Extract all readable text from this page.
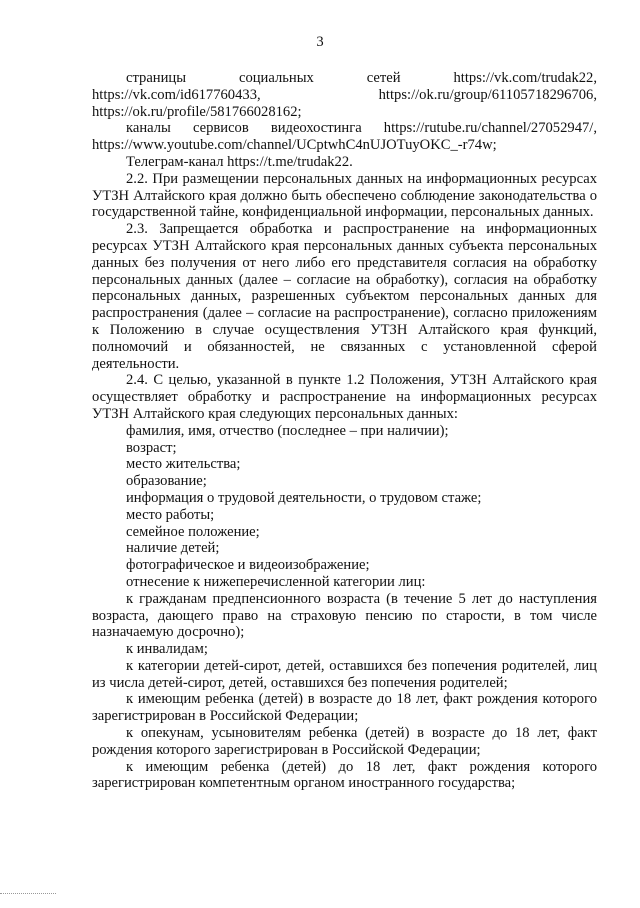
3

страницы социальных сетей https://vk.com/trudak22, https://vk.com/id617760433, https://ok.ru/group/61105718296706, https://ok.ru/profile/581766028162;

каналы сервисов видеохостинга https://rutube.ru/channel/27052947/, https://www.youtube.com/channel/UCptwhC4nUJOTuyOKC_-r74w;

Телеграм-канал https://t.me/trudak22.

2.2. При размещении персональных данных на информационных ресурсах УТЗН Алтайского края должно быть обеспечено соблюдение законодательства о государственной тайне, конфиденциальной информации, персональных данных.

2.3. Запрещается обработка и распространение на информационных ресурсах УТЗН Алтайского края персональных данных субъекта персональных данных без получения от него либо его представителя согласия на обработку персональных данных (далее – согласие на обработку), согласия на обработку персональных данных, разрешенных субъектом персональных данных для распространения (далее – согласие на распространение), согласно приложениям к Положению в случае осуществления УТЗН Алтайского края функций, полномочий и обязанностей, не связанных с установленной сферой деятельности.

2.4. С целью, указанной в пункте 1.2 Положения, УТЗН Алтайского края осуществляет обработку и распространение на информационных ресурсах УТЗН Алтайского края следующих персональных данных:

фамилия, имя, отчество (последнее – при наличии);

возраст;

место жительства;

образование;

информация о трудовой деятельности, о трудовом стаже;

место работы;

семейное положение;

наличие детей;

фотографическое и видеоизображение;

отнесение к нижеперечисленной категории лиц:

к гражданам предпенсионного возраста (в течение 5 лет до наступления возраста, дающего право на страховую пенсию по старости, в том числе назначаемую досрочно);

к инвалидам;

к категории детей-сирот, детей, оставшихся без попечения родителей, лиц из числа детей-сирот, детей, оставшихся без попечения родителей;

к имеющим ребенка (детей) в возрасте до 18 лет, факт рождения которого зарегистрирован в Российской Федерации;

к опекунам, усыновителям ребенка (детей) в возрасте до 18 лет, факт рождения которого зарегистрирован в Российской Федерации;

к имеющим ребенка (детей) до 18 лет, факт рождения которого зарегистрирован компетентным органом иностранного государства;
